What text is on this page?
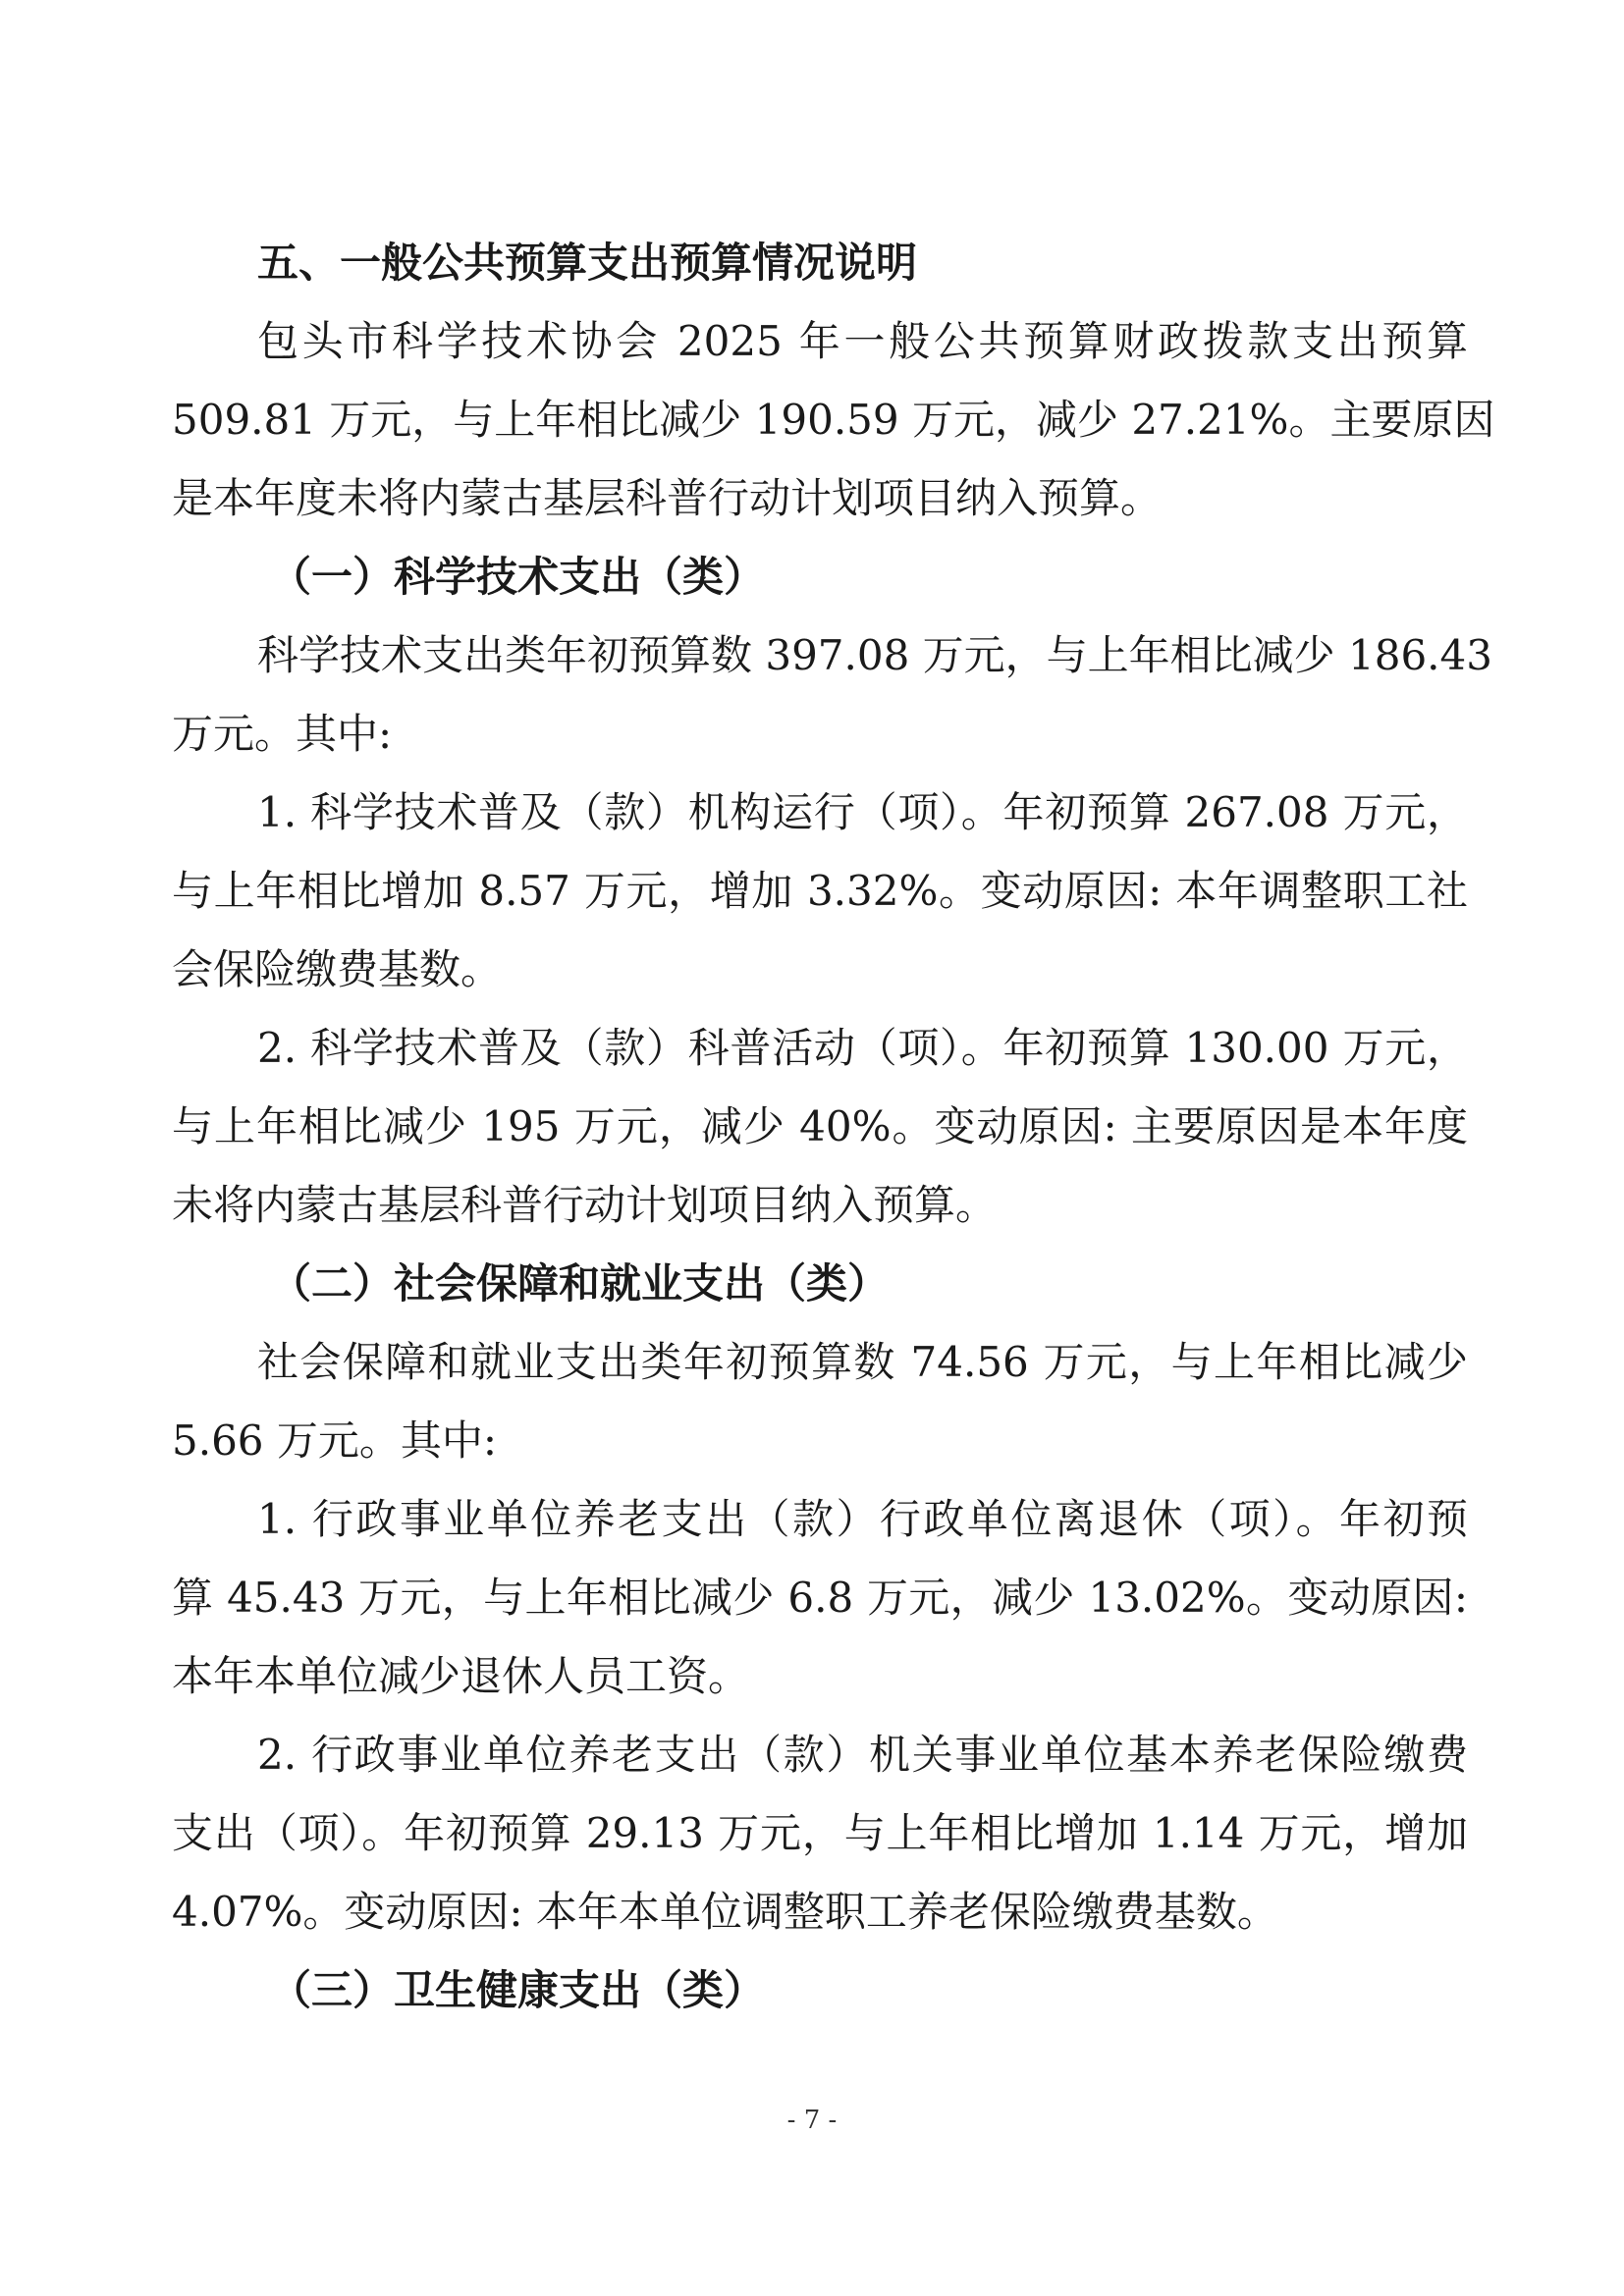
五、一般公共预算支出预算情况说明
包头市科学技术协会 2025 年一般公共预算财政拨款支出预算
509.81 万元，与上年相比减少 190.59 万元，减少 27.21%。主要原因
是本年度未将内蒙古基层科普行动计划项目纳入预算。
（一）科学技术支出（类）
科学技术支出类年初预算数 397.08 万元，与上年相比减少 186.43
万元。其中:
1. 科学技术普及（款）机构运行（项）。年初预算 267.08 万元，
与上年相比增加 8.57 万元，增加 3.32%。变动原因: 本年调整职工社
会保险缴费基数。
2. 科学技术普及（款）科普活动（项）。年初预算 130.00 万元，
与上年相比减少 195 万元，减少 40%。变动原因: 主要原因是本年度
未将内蒙古基层科普行动计划项目纳入预算。
（二）社会保障和就业支出（类）
社会保障和就业支出类年初预算数 74.56 万元，与上年相比减少
5.66 万元。其中:
1. 行政事业单位养老支出（款）行政单位离退休（项）。年初预
算 45.43 万元，与上年相比减少 6.8 万元，减少 13.02%。变动原因:
本年本单位减少退休人员工资。
2. 行政事业单位养老支出（款）机关事业单位基本养老保险缴费
支出（项）。年初预算 29.13 万元，与上年相比增加 1.14 万元，增加
4.07%。变动原因: 本年本单位调整职工养老保险缴费基数。
（三）卫生健康支出（类）
- 7 -
